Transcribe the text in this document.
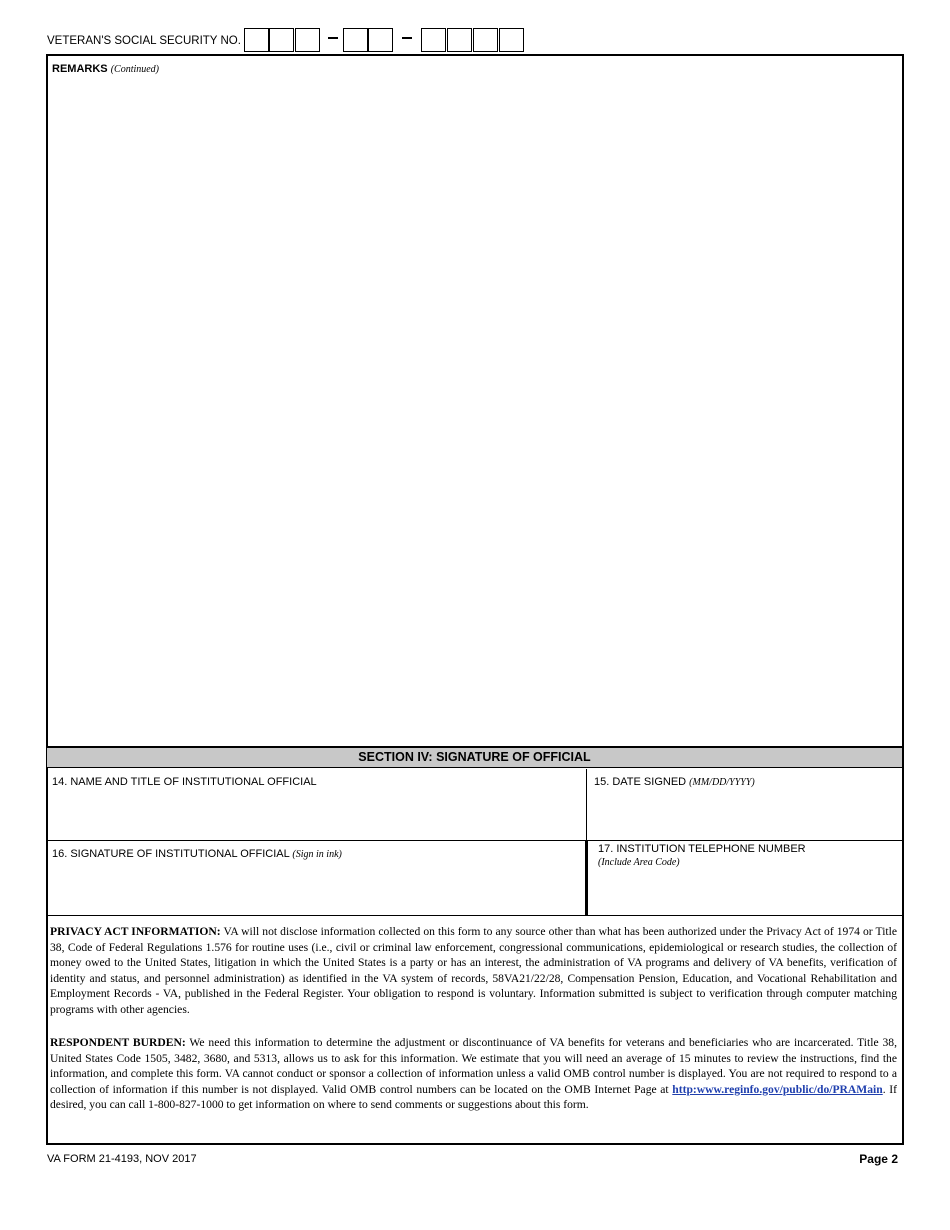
VETERAN'S SOCIAL SECURITY NO.
REMARKS (Continued)
SECTION IV: SIGNATURE OF OFFICIAL
14. NAME AND TITLE OF INSTITUTIONAL OFFICIAL	15. DATE SIGNED (MM/DD/YYYY)
16. SIGNATURE OF INSTITUTIONAL OFFICIAL (Sign in ink)	17. INSTITUTION TELEPHONE NUMBER
(Include Area Code)
PRIVACY ACT INFORMATION: VA will not disclose information collected on this form to any source other than what has been authorized under the Privacy Act of 1974 or Title 38, Code of Federal Regulations 1.576 for routine uses (i.e., civil or criminal law enforcement, congressional communications, epidemiological or research studies, the collection of money owed to the United States, litigation in which the United States is a party or has an interest, the administration of VA programs and delivery of VA benefits, verification of identity and status, and personnel administration) as identified in the VA system of records, 58VA21/22/28, Compensation Pension, Education, and Vocational Rehabilitation and Employment Records - VA, published in the Federal Register. Your obligation to respond is voluntary. Information submitted is subject to verification through computer matching programs with other agencies.
RESPONDENT BURDEN: We need this information to determine the adjustment or discontinuance of VA benefits for veterans and beneficiaries who are incarcerated. Title 38, United States Code 1505, 3482, 3680, and 5313, allows us to ask for this information. We estimate that you will need an average of 15 minutes to review the instructions, find the information, and complete this form. VA cannot conduct or sponsor a collection of information unless a valid OMB control number is displayed. You are not required to respond to a collection of information if this number is not displayed. Valid OMB control numbers can be located on the OMB Internet Page at http:www.reginfo.gov/public/do/PRAMain. If desired, you can call 1-800-827-1000 to get information on where to send comments or suggestions about this form.
VA FORM 21-4193, NOV 2017	Page 2
